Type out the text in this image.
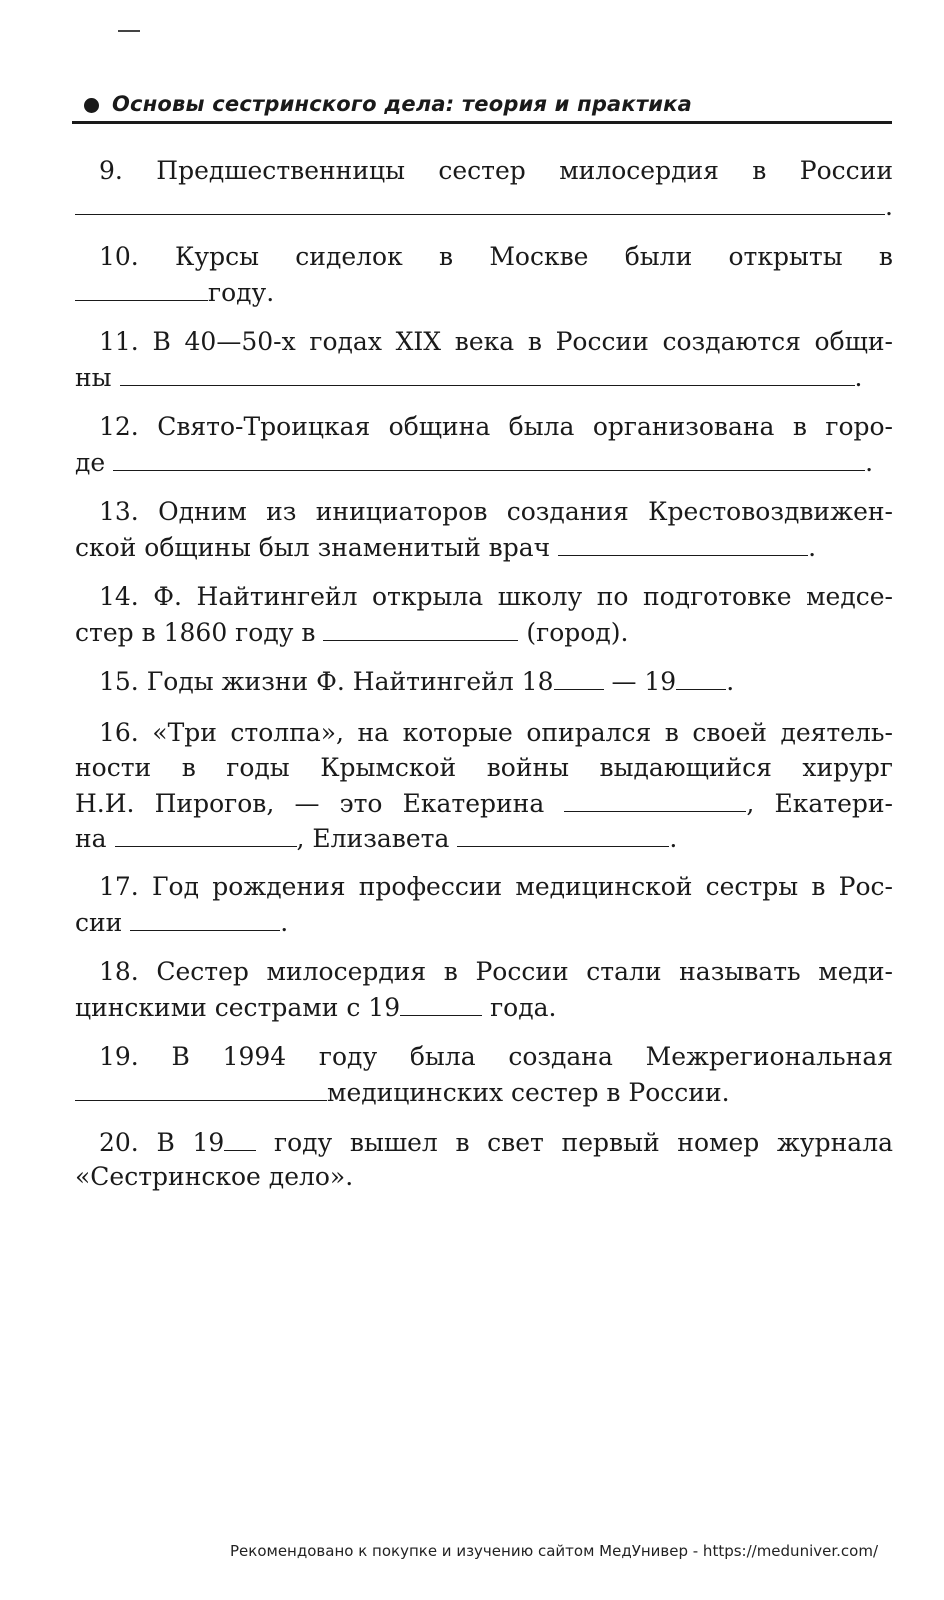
Основы сестринского дела: теория и практика
9. Предшественницы сестер милосердия в России
.
10. Курсы сиделок в Москве были открыты в
году.
11. В 40—50-х годах XIX века в России создаются общи-
ны	.
12. Свято-Троицкая община была организована в горо-
де	.
13. Одним из инициаторов создания Крестовоздвижен-
ской общины был знаменитый врач	.
14. Ф. Найтингейл открыла школу по подготовке медсе-
стер в 1860 году в	(город).
15. Годы жизни Ф. Найтингейл 18 — 19 .
16. «Три столпа», на которые опирался в своей деятель-
ности в годы Крымской войны выдающийся хирург
Н.И. Пирогов, — это Екатерина	, Екатери-
на	, Елизавета	.
17. Год рождения профессии медицинской сестры в Рос-
сии	.
18. Сестер милосердия в России стали называть меди-
цинскими сестрами с 19	года.
19. В 1994 году была создана Межрегиональная
медицинских сестер в России.
20. В 19 году вышел в свет первый номер журнала
«Сестринское дело».
Рекомендовано к покупке и изучению сайтом МедУнивер - https://meduniver.com/
